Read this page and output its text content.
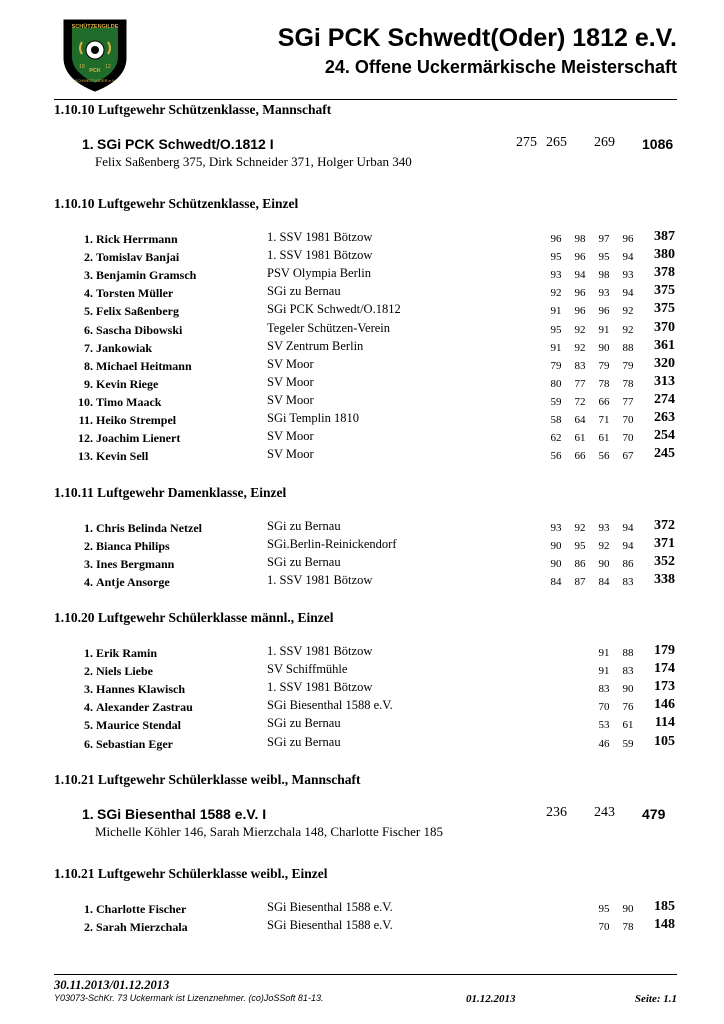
SCHÜTZENGILDE
18	12
PCK
SCHWEDT/ODER e.V.
SGi PCK Schwedt(Oder) 1812 e.V.
24. Offene Uckermärkische Meisterschaft
1.10.10 Luftgewehr Schützenklasse, Mannschaft
1. SGi PCK Schwedt/O.1812 I	275 265 269 1086
Felix Saßenberg 375, Dirk Schneider 371, Holger Urban 340
1.10.10 Luftgewehr Schützenklasse, Einzel
1. Rick Herrmann	1. SSV 1981 Bötzow	96	98	97	96	387
2. Tomislav Banjai	1. SSV 1981 Bötzow	95	96	95	94	380
3. Benjamin Gramsch	PSV Olympia Berlin	93	94	98	93	378
4. Torsten Müller	SGi zu Bernau	92	96	93	94	375
5. Felix Saßenberg	SGi PCK Schwedt/O.1812	91	96	96	92	375
6. Sascha Dibowski	Tegeler Schützen-Verein	95	92	91	92	370
7. Jankowiak	SV Zentrum Berlin	91	92	90	88	361
8. Michael Heitmann	SV Moor	79	83	79	79	320
9. Kevin Riege	SV Moor	80	77	78	78	313
10. Timo Maack	SV Moor	59	72	66	77	274
11. Heiko Strempel	SGi Templin 1810	58	64	71	70	263
12. Joachim Lienert	SV Moor	62	61	61	70	254
13. Kevin Sell	SV Moor	56	66	56	67	245
1.10.11 Luftgewehr Damenklasse, Einzel
1. Chris Belinda Netzel	SGi zu Bernau	93	92	93	94	372
2. Bianca Philips	SGi.Berlin-Reinickendorf	90	95	92	94	371
3. Ines Bergmann	SGi zu Bernau	90	86	90	86	352
4. Antje Ansorge	1. SSV 1981 Bötzow	84	87	84	83	338
1.10.20 Luftgewehr Schülerklasse männl., Einzel
1. Erik Ramin	1. SSV 1981 Bötzow	91	88	179
2. Niels Liebe	SV Schiffmühle	91	83	174
3. Hannes Klawisch	1. SSV 1981 Bötzow	83	90	173
4. Alexander Zastrau	SGi Biesenthal 1588 e.V.	70	76	146
5. Maurice Stendal	SGi zu Bernau	53	61	114
6. Sebastian Eger	SGi zu Bernau	46	59	105
1.10.21 Luftgewehr Schülerklasse weibl., Mannschaft
1. SGi Biesenthal 1588 e.V. I	236 243 479
Michelle Köhler 146, Sarah Mierzchala 148, Charlotte Fischer 185
1.10.21 Luftgewehr Schülerklasse weibl., Einzel
1. Charlotte Fischer	SGi Biesenthal 1588 e.V.	95	90	185
2. Sarah Mierzchala	SGi Biesenthal 1588 e.V.	70	78	148
30.11.2013/01.12.2013
Y03073-SchKr. 73 Uckermark ist Lizenznehmer. (co)JoSSoft 81-13.	01.12.2013	Seite: 1.1
